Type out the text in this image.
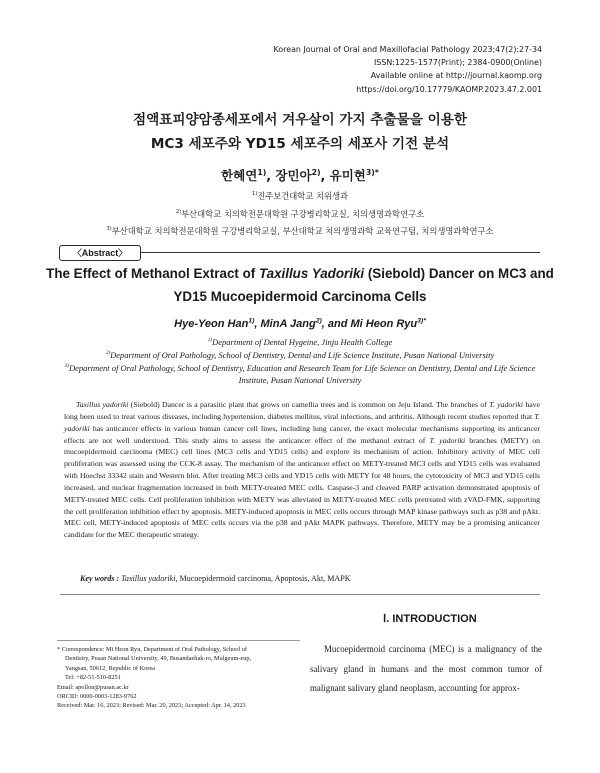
Korean Journal of Oral and Maxillofacial Pathology 2023;47(2):27-34
ISSN:1225-1577(Print); 2384-0900(Online)
Available online at http://journal.kaomp.org
https://doi.org/10.17779/KAOMP.2023.47.2.001
점액표피양암종세포에서 겨우살이 가지 추출물을 이용한
MC3 세포주와 YD15 세포주의 세포사 기전 분석
한혜연$^{1)}$, 장민아$^{2)}$, 유미현$^{3)*}$
$^{1)}$진주보건대학교 치위생과
$^{2)}$부산대학교 치의학전문대학원 구강병리학교실, 치의생명과학연구소
$^{3)}$부산대학교 치의학전문대학원 구강병리학교실, 부산대학교 치의생명과학 교육연구팀, 치의생명과학연구소
〈Abstract〉
The Effect of Methanol Extract of Taxillus Yadoriki (Siebold) Dancer on MC3 and
YD15 Mucoepidermoid Carcinoma Cells
Hye-Yeon Han$^{1)}$, MinA Jang$^{2)}$, and Mi Heon Ryu$^{3)*}$
$^{1)}$Department of Dental Hygeine, Jinju Health College
$^{2)}$Department of Oral Pathology, School of Dentistry, Dental and Life Science Institute, Pusan National University
$^{3)}$Department of Oral Pathology, School of Dentistry, Education and Research Team for Life Science on Dentistry, Dental and Life Science Institute, Pusan National University
Taxillus yadoriki (Siebold) Dancer is a parasitic plant that grows on camellia trees and is common on Jeju Island. The branches of T. yadoriki have long been used to treat various diseases, including hypertension, diabetes mellitus, viral infections, and arthritis. Although recent studies reported that T. yadoriki has anticancer effects in various human cancer cell lines, including lung cancer, the exact molecular mechanisms supporting its anticancer effects are not well understood. This study aims to assess the anticancer effect of the methanol extract of T. yadoriki branches (METY) on mucoepidermoid carcinoma (MEC) cell lines (MC3 cells and YD15 cells) and explore its mechanism of action. Inhibitory activity of MEC cell proliferation was assessed using the CCK-8 assay. The mechanism of the anticancer effect on METY-treated MC3 cells and YD15 cells was evaluated with Hoechst 33342 stain and Western blot. After treating MC3 cells and YD15 cells with METY for 48 hours, the cytotoxicity of MC3 and YD15 cells increased, and nuclear fragmentation increased in both METY-treated MEC cells. Caspase-3 and cleaved PARP activation demonstrated apoptosis of METY-treated MEC cells. Cell proliferation inhibition with METY was alleviated in METY-treated MEC cells pretreated with zVAD-FMK, supporting the cell proliferation inhibition effect by apoptosis. METY-induced apoptosis in MEC cells occurs through MAP kinase pathways such as p38 and pAkt. MEC cell, METY-induced apoptosis of MEC cells occurs via the p38 and pAkt MAPK pathways. Therefore, METY may be a promising anticancer candidate for the MEC therapeutic strategy.
Key words : Taxillus yadoriki, Mucoepidermoid carcinoma, Apoptosis, Akt, MAPK
* Correspondence: Mi Heon Ryu, Department of Oral Pathology, School of
Dentistry, Pusan National University, 49, Busandaehak-ro, Mulgeum-eup,
Yangsan, 50612, Republic of Korea
Tel: +82-51-510-8251
Email: apollon@pusan.ac.kr
ORCID: 0000-0003-1283-9762
Received: Mar. 16, 2023; Revised: Mar. 20, 2023; Accepted: Apr. 14, 2023
Ⅰ. INTRODUCTION
Mucoepidermoid carcinoma (MEC) is a malignancy of the salivary gland in humans and the most common tumor of malignant salivary gland neoplasm, accounting for approx-
